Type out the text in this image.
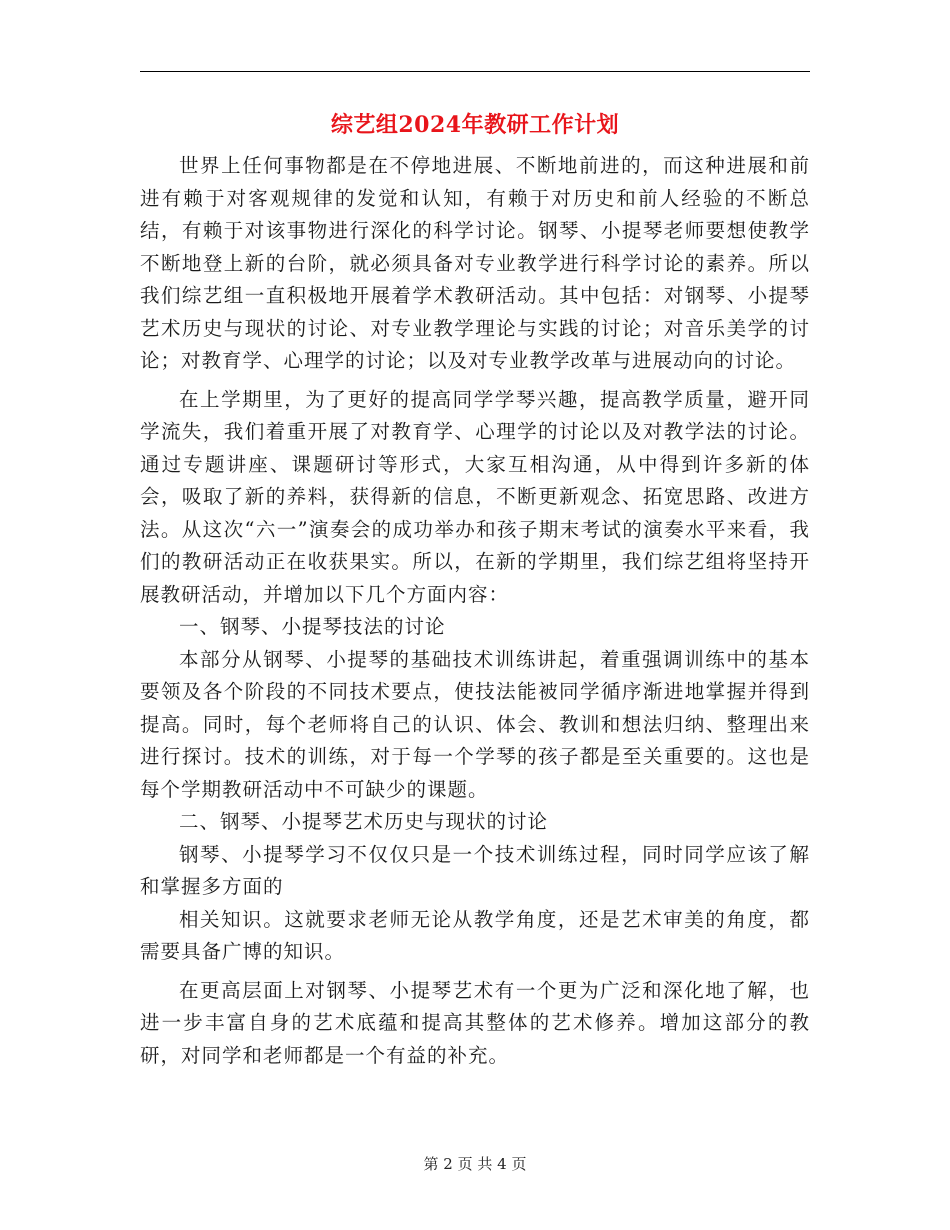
综艺组2024年教研工作计划

世界上任何事物都是在不停地进展、不断地前进的，而这种进展和前进有赖于对客观规律的发觉和认知，有赖于对历史和前人经验的不断总结，有赖于对该事物进行深化的科学讨论。钢琴、小提琴老师要想使教学不断地登上新的台阶，就必须具备对专业教学进行科学讨论的素养。所以我们综艺组一直积极地开展着学术教研活动。其中包括：对钢琴、小提琴艺术历史与现状的讨论、对专业教学理论与实践的讨论；对音乐美学的讨论；对教育学、心理学的讨论；以及对专业教学改革与进展动向的讨论。

在上学期里，为了更好的提高同学学琴兴趣，提高教学质量，避开同学流失，我们着重开展了对教育学、心理学的讨论以及对教学法的讨论。通过专题讲座、课题研讨等形式，大家互相沟通，从中得到许多新的体会，吸取了新的养料，获得新的信息，不断更新观念、拓宽思路、改进方法。从这次“六一”演奏会的成功举办和孩子期末考试的演奏水平来看，我们的教研活动正在收获果实。所以，在新的学期里，我们综艺组将坚持开展教研活动，并增加以下几个方面内容：

一、钢琴、小提琴技法的讨论

本部分从钢琴、小提琴的基础技术训练讲起，着重强调训练中的基本要领及各个阶段的不同技术要点，使技法能被同学循序渐进地掌握并得到提高。同时，每个老师将自己的认识、体会、教训和想法归纳、整理出来进行探讨。技术的训练，对于每一个学琴的孩子都是至关重要的。这也是每个学期教研活动中不可缺少的课题。

二、钢琴、小提琴艺术历史与现状的讨论

钢琴、小提琴学习不仅仅只是一个技术训练过程，同时同学应该了解和掌握多方面的

相关知识。这就要求老师无论从教学角度，还是艺术审美的角度，都需要具备广博的知识。

在更高层面上对钢琴、小提琴艺术有一个更为广泛和深化地了解，也进一步丰富自身的艺术底蕴和提高其整体的艺术修养。增加这部分的教研，对同学和老师都是一个有益的补充。

第 2 页 共 4 页
